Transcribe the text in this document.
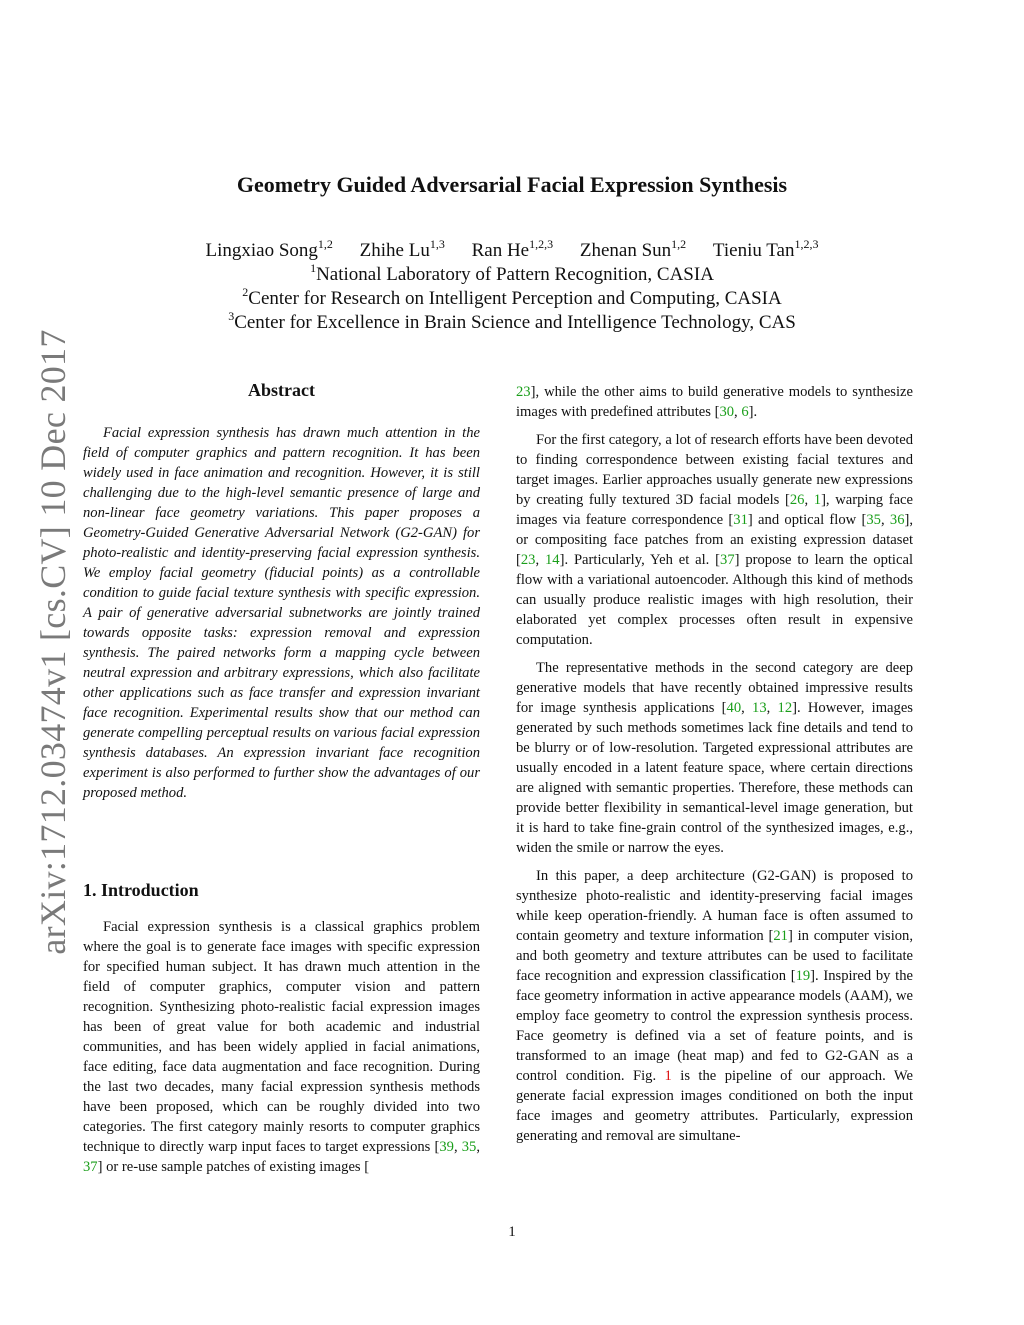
arXiv:1712.03474v1 [cs.CV] 10 Dec 2017
Geometry Guided Adversarial Facial Expression Synthesis
Lingxiao Song$^{1,2}$ Zhihe Lu$^{1,3}$ Ran He$^{1,2,3}$ Zhenan Sun$^{1,2}$ Tieniu Tan$^{1,2,3}$
$^1$National Laboratory of Pattern Recognition, CASIA
$^2$Center for Research on Intelligent Perception and Computing, CASIA
$^3$Center for Excellence in Brain Science and Intelligence Technology, CAS
Abstract

Facial expression synthesis has drawn much attention in the field of computer graphics and pattern recognition. It has been widely used in face animation and recognition. However, it is still challenging due to the high-level semantic presence of large and non-linear face geometry variations. This paper proposes a Geometry-Guided Generative Adversarial Network (G2-GAN) for photo-realistic and identity-preserving facial expression synthesis. We employ facial geometry (fiducial points) as a controllable condition to guide facial texture synthesis with specific expression. A pair of generative adversarial subnetworks are jointly trained towards opposite tasks: expression removal and expression synthesis. The paired networks form a mapping cycle between neutral expression and arbitrary expressions, which also facilitate other applications such as face transfer and expression invariant face recognition. Experimental results show that our method can generate compelling perceptual results on various facial expression synthesis databases. An expression invariant face recognition experiment is also performed to further show the advantages of our proposed method.

1. Introduction

Facial expression synthesis is a classical graphics problem where the goal is to generate face images with specific expression for specified human subject. It has drawn much attention in the field of computer graphics, computer vision and pattern recognition. Synthesizing photo-realistic facial expression images has been of great value for both academic and industrial communities, and has been widely applied in facial animations, face editing, face data augmentation and face recognition. During the last two decades, many facial expression synthesis methods have been proposed, which can be roughly divided into two categories. The first category mainly resorts to computer graphics technique to directly warp input faces to target expressions [39, 35, 37] or re-use sample patches of existing images [

23], while the other aims to build generative models to synthesize images with predefined attributes [30, 6].

For the first category, a lot of research efforts have been devoted to finding correspondence between existing facial textures and target images. Earlier approaches usually generate new expressions by creating fully textured 3D facial models [26, 1], warping face images via feature correspondence [31] and optical flow [35, 36], or compositing face patches from an existing expression dataset [23, 14]. Particularly, Yeh et al. [37] propose to learn the optical flow with a variational autoencoder. Although this kind of methods can usually produce realistic images with high resolution, their elaborated yet complex processes often result in expensive computation.

The representative methods in the second category are deep generative models that have recently obtained impressive results for image synthesis applications [40, 13, 12]. However, images generated by such methods sometimes lack fine details and tend to be blurry or of low-resolution. Targeted expressional attributes are usually encoded in a latent feature space, where certain directions are aligned with semantic properties. Therefore, these methods can provide better flexibility in semantical-level image generation, but it is hard to take fine-grain control of the synthesized images, e.g., widen the smile or narrow the eyes.

In this paper, a deep architecture (G2-GAN) is proposed to synthesize photo-realistic and identity-preserving facial images while keep operation-friendly. A human face is often assumed to contain geometry and texture information [21] in computer vision, and both geometry and texture attributes can be used to facilitate face recognition and expression classification [19]. Inspired by the face geometry information in active appearance models (AAM), we employ face geometry to control the expression synthesis process. Face geometry is defined via a set of feature points, and is transformed to an image (heat map) and fed to G2-GAN as a control condition. Fig. 1 is the pipeline of our approach. We generate facial expression images conditioned on both the input face images and geometry attributes. Particularly, expression generating and removal are simultane-

1
